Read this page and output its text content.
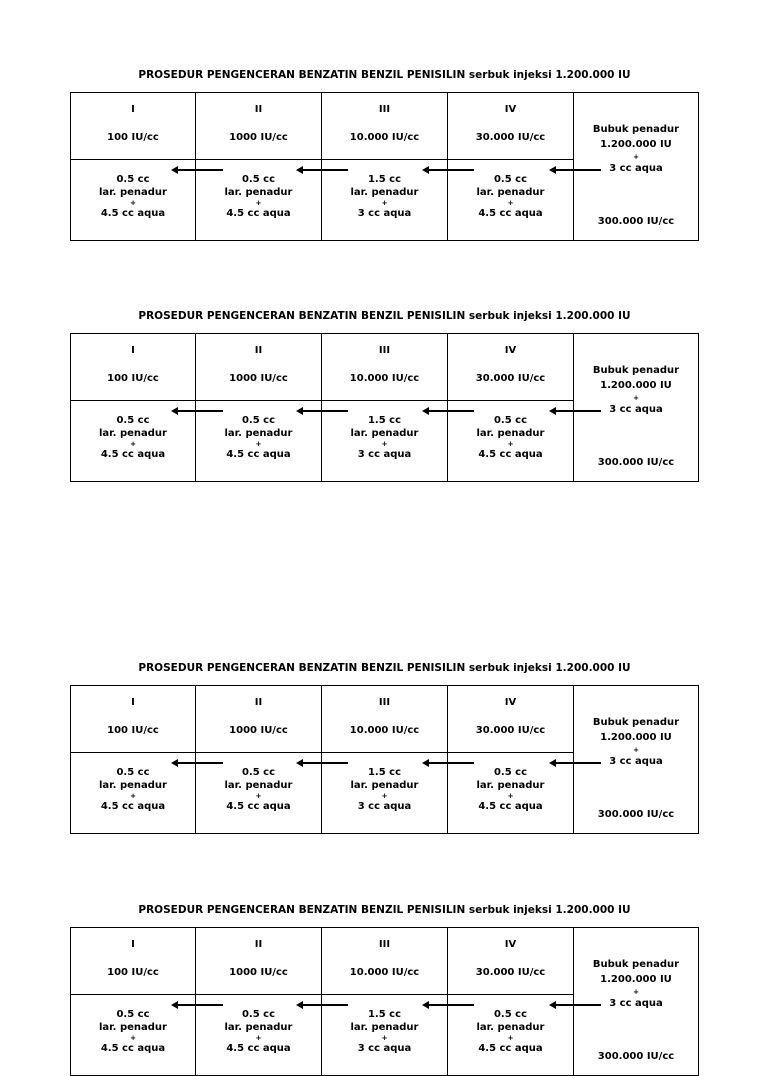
PROSEDUR PENGENCERAN BENZATIN BENZIL PENISILIN serbuk injeksi 1.200.000 IU
I
100 IU/cc
0.5 cc
lar. penadur
+
4.5 cc aqua
II
1000 IU/cc
0.5 cc
lar. penadur
+
4.5 cc aqua
III
10.000 IU/cc
1.5 cc
lar. penadur
+
3 cc aqua
IV
30.000 IU/cc
0.5 cc
lar. penadur
+
4.5 cc aqua
Bubuk penadur
1.200.000 IU
+
3 cc aqua
300.000 IU/cc
PROSEDUR PENGENCERAN BENZATIN BENZIL PENISILIN serbuk injeksi 1.200.000 IU
I
100 IU/cc
0.5 cc
lar. penadur
+
4.5 cc aqua
II
1000 IU/cc
0.5 cc
lar. penadur
+
4.5 cc aqua
III
10.000 IU/cc
1.5 cc
lar. penadur
+
3 cc aqua
IV
30.000 IU/cc
0.5 cc
lar. penadur
+
4.5 cc aqua
Bubuk penadur
1.200.000 IU
+
3 cc aqua
300.000 IU/cc
PROSEDUR PENGENCERAN BENZATIN BENZIL PENISILIN serbuk injeksi 1.200.000 IU
I
100 IU/cc
0.5 cc
lar. penadur
+
4.5 cc aqua
II
1000 IU/cc
0.5 cc
lar. penadur
+
4.5 cc aqua
III
10.000 IU/cc
1.5 cc
lar. penadur
+
3 cc aqua
IV
30.000 IU/cc
0.5 cc
lar. penadur
+
4.5 cc aqua
Bubuk penadur
1.200.000 IU
+
3 cc aqua
300.000 IU/cc
PROSEDUR PENGENCERAN BENZATIN BENZIL PENISILIN serbuk injeksi 1.200.000 IU
I
100 IU/cc
0.5 cc
lar. penadur
+
4.5 cc aqua
II
1000 IU/cc
0.5 cc
lar. penadur
+
4.5 cc aqua
III
10.000 IU/cc
1.5 cc
lar. penadur
+
3 cc aqua
IV
30.000 IU/cc
0.5 cc
lar. penadur
+
4.5 cc aqua
Bubuk penadur
1.200.000 IU
+
3 cc aqua
300.000 IU/cc
